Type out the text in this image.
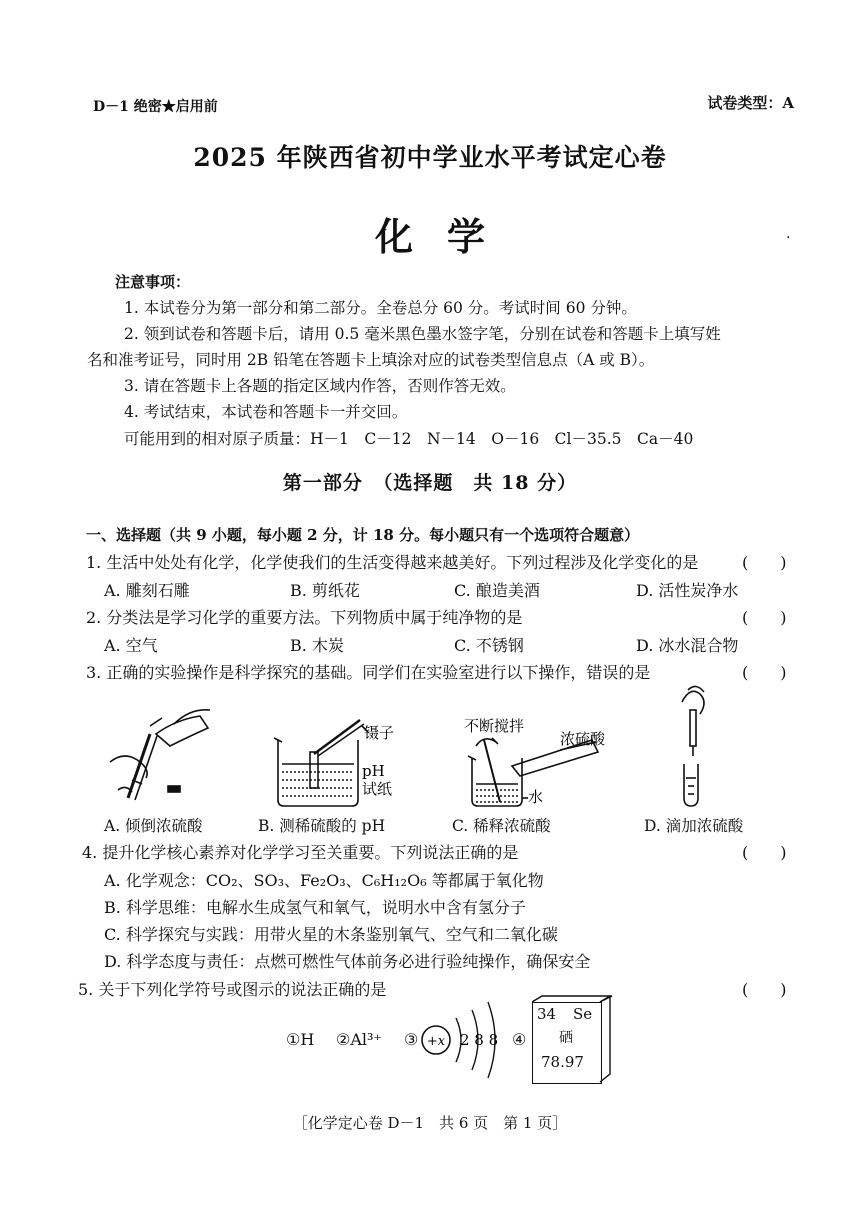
D－1 绝密★启用前	试卷类型：A
2025 年陕西省初中学业水平考试定心卷
化学	.
注意事项：
1. 本试卷分为第一部分和第二部分。全卷总分 60 分。考试时间 60 分钟。
2. 领到试卷和答题卡后，请用 0.5 毫米黑色墨水签字笔，分别在试卷和答题卡上填写姓
名和准考证号，同时用 2B 铅笔在答题卡上填涂对应的试卷类型信息点（A 或 B）。
3. 请在答题卡上各题的指定区域内作答，否则作答无效。
4. 考试结束，本试卷和答题卡一并交回。
可能用到的相对原子质量：H－1　C－12　N－14　O－16　Cl－35.5　Ca－40
第一部分　（选择题　共 18 分）
一、选择题（共 9 小题，每小题 2 分，计 18 分。每小题只有一个选项符合题意）
1. 生活中处处有化学，化学使我们的生活变得越来越美好。下列过程涉及化学变化的是	(　　)
A. 雕刻石雕	B. 剪纸花	C. 酿造美酒	D. 活性炭净水
2. 分类法是学习化学的重要方法。下列物质中属于纯净物的是	(　　)
A. 空气	B. 木炭	C. 不锈钢	D. 冰水混合物
3. 正确的实验操作是科学探究的基础。同学们在实验室进行以下操作，错误的是	(　　)
镊子
pH
试纸
不断搅拌
浓硫酸
水
A. 倾倒浓硫酸	B. 测稀硫酸的 pH	C. 稀释浓硫酸	D. 滴加浓硫酸
4. 提升化学核心素养对化学学习至关重要。下列说法正确的是	(　　)
A. 化学观念：CO₂、SO₃、Fe₂O₃、C₆H₁₂O₆ 等都属于氧化物
B. 科学思维：电解水生成氢气和氧气，说明水中含有氢分子
C. 科学探究与实践：用带火星的木条鉴别氧气、空气和二氧化碳
D. 科学态度与责任：点燃可燃性气体前务必进行验纯操作，确保安全
5. 关于下列化学符号或图示的说法正确的是	(　　)
①H ②Al³⁺ ③ +x 2 8 8 ④
34 Se
硒
78.97
［化学定心卷 D－1　共 6 页　第 1 页］
